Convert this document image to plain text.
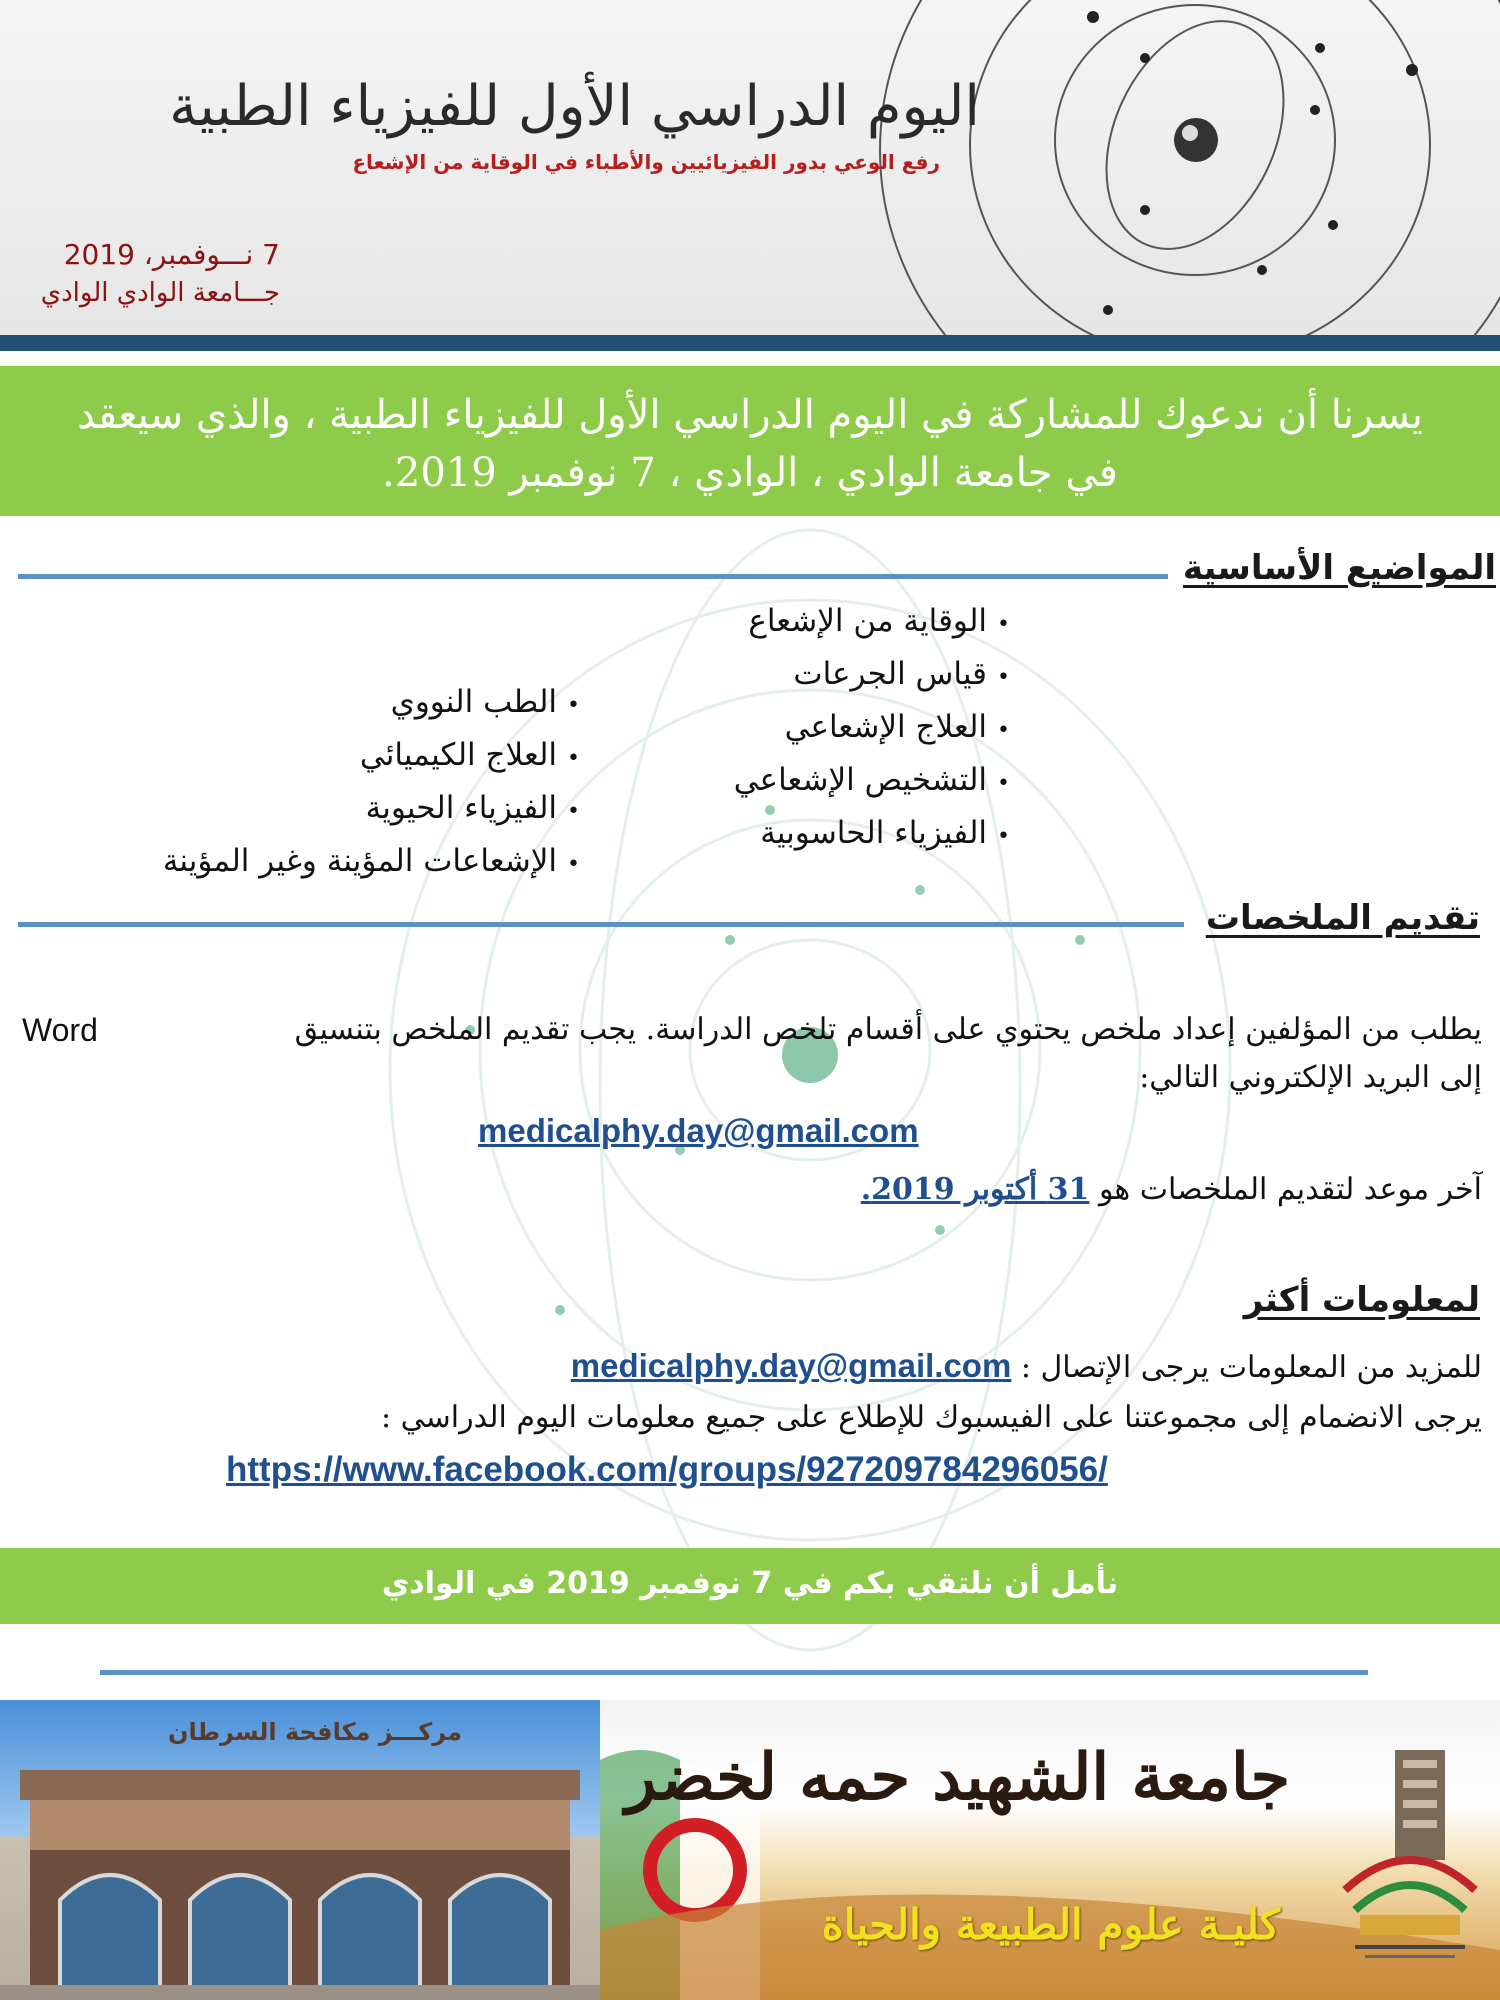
اليوم الدراسي الأول للفيزياء الطبية
رفع الوعي بدور الفيزيائيين والأطباء في الوقاية من الإشعاع
7 نـــوفمبر، 2019
جـــامعة الوادي الوادي
يسرنا أن ندعوك للمشاركة في اليوم الدراسي الأول للفيزياء الطبية ، والذي سيعقد في جامعة الوادي ، الوادي ، 7 نوفمبر 2019.
المواضيع الأساسية
•الوقاية من الإشعاع
•قياس الجرعات
•العلاج الإشعاعي
•التشخيص الإشعاعي
•الفيزياء الحاسوبية
•الطب النووي
•العلاج الكيميائي
•الفيزياء الحيوية
•الإشعاعات المؤينة وغير المؤينة
تقديم الملخصات
يطلب من المؤلفين إعداد ملخص يحتوي على أقسام تلخص الدراسة. يجب تقديم الملخص بتنسيق
Word
إلى البريد الإلكتروني التالي:
medicalphy.day@gmail.com
آخر موعد لتقديم الملخصات هو 31 أكتوبر 2019.
لمعلومات أكثر
للمزيد من المعلومات يرجى الإتصال : medicalphy.day@gmail.com
يرجى الانضمام إلى مجموعتنا على الفيسبوك للإطلاع على جميع معلومات اليوم الدراسي :
https://www.facebook.com/groups/927209784296056/
نأمل أن نلتقي بكم في 7 نوفمبر 2019 في الوادي
مركـــز مكافحة السرطان
جامعة الشهيد حمه لخضر
كليـة علوم الطبيعة والحياة
